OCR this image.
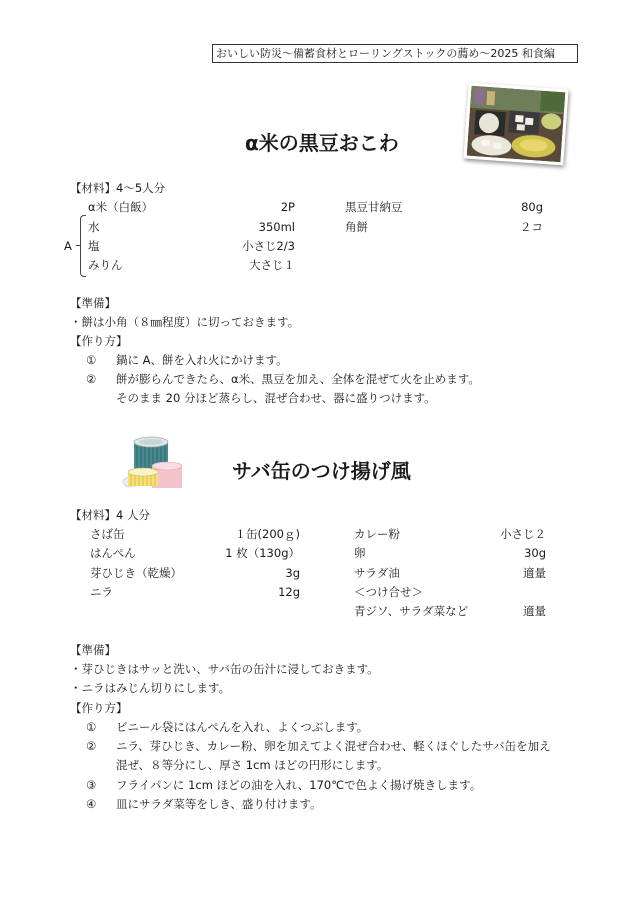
おいしい防災～備蓄食材とローリングストックの薦め～2025 和食編
α米の黒豆おこわ
【材料】4～5人分
α米（白飯）	2P
水	350ml
塩	小さじ2/3
みりん	大さじ１
A
黒豆甘納豆	80g
角餅	２コ
【準備】
・餅は小角（８㎜程度）に切っておきます。
【作り方】
① 鍋に A、餅を入れ火にかけます。
② 餅が膨らんできたら、α米、黒豆を加え、全体を混ぜて火を止めます。
そのまま 20 分ほど蒸らし、混ぜ合わせ、器に盛りつけます。
サバ缶のつけ揚げ風
【材料】4 人分
さば缶	１缶(200ｇ)
はんぺん	1 枚（130g）
芽ひじき（乾燥）	3g
ニラ	12g
カレー粉	小さじ２
卵	30g
サラダ油	適量
＜つけ合せ＞
青ジソ、サラダ菜など	適量
【準備】
・芽ひじきはサッと洗い、サバ缶の缶汁に浸しておきます。
・ニラはみじん切りにします。
【作り方】
① ビニール袋にはんぺんを入れ、よくつぶします。
② ニラ、芽ひじき、カレー粉、卵を加えてよく混ぜ合わせ、軽くほぐしたサバ缶を加え
混ぜ、８等分にし、厚さ 1cm ほどの円形にします。
③ フライパンに 1cm ほどの油を入れ、170℃で色よく揚げ焼きします。
④ 皿にサラダ菜等をしき、盛り付けます。
